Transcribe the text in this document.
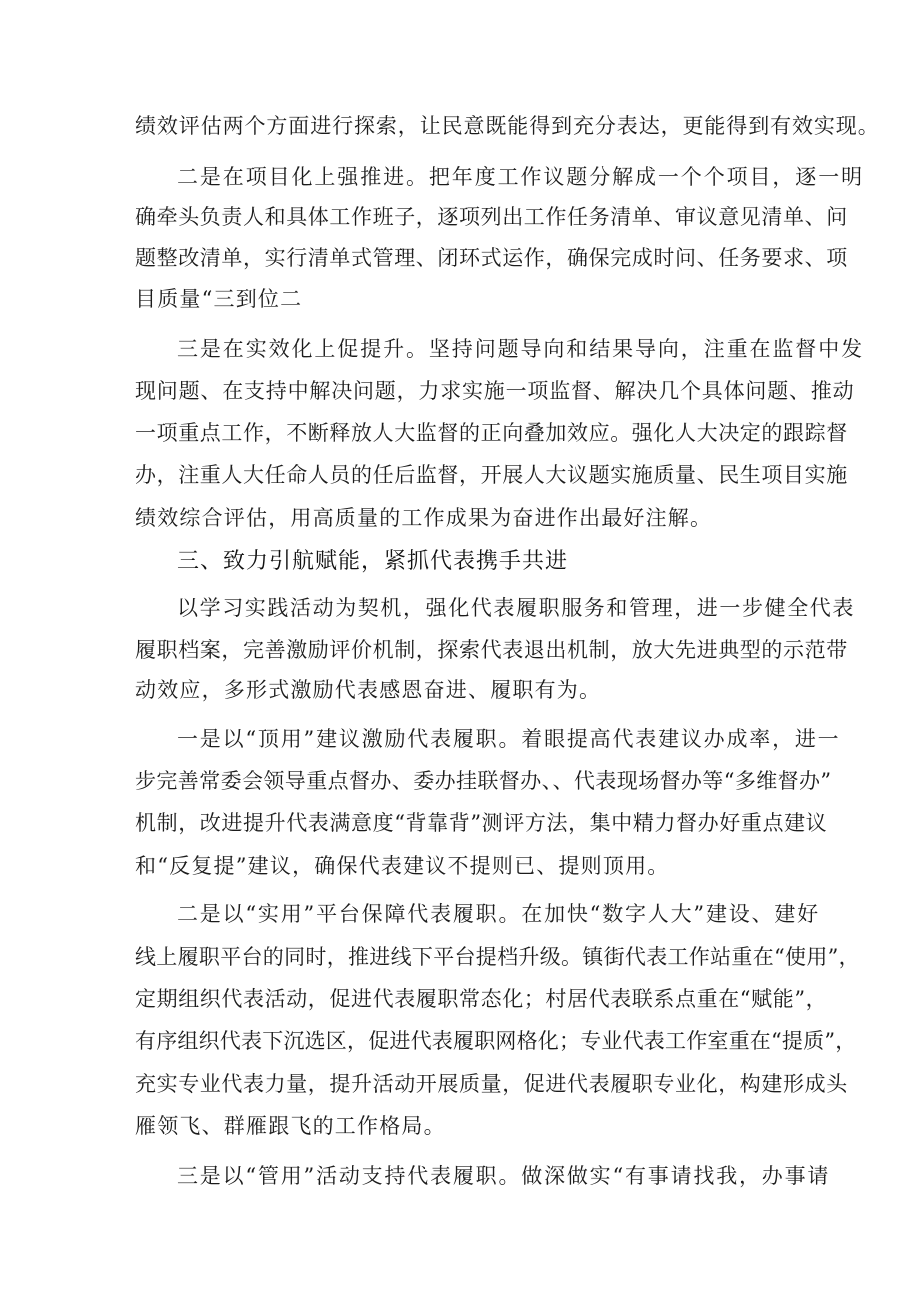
绩效评估两个方面进行探索，让民意既能得到充分表达，更能得到有效实现。
二是在项目化上强推进。把年度工作议题分解成一个个项目，逐一明
确牵头负责人和具体工作班子，逐项列出工作任务清单、审议意见清单、问
题整改清单，实行清单式管理、闭环式运作，确保完成时问、任务要求、项
目质量“三到位二
三是在实效化上促提升。坚持问题导向和结果导向，注重在监督中发
现问题、在支持中解决问题，力求实施一项监督、解决几个具体问题、推动
一项重点工作，不断释放人大监督的正向叠加效应。强化人大决定的跟踪督
办，注重人大任命人员的任后监督，开展人大议题实施质量、民生项目实施
绩效综合评估，用高质量的工作成果为奋进作出最好注解。
三、致力引航赋能，紧抓代表携手共进
以学习实践活动为契机，强化代表履职服务和管理，进一步健全代表
履职档案，完善激励评价机制，探索代表退出机制，放大先进典型的示范带
动效应，多形式激励代表感恩奋进、履职有为。
一是以“顶用”建议激励代表履职。着眼提高代表建议办成率，进一
步完善常委会领导重点督办、委办挂联督办、、代表现场督办等“多维督办”
机制，改进提升代表满意度“背靠背”测评方法，集中精力督办好重点建议
和“反复提”建议，确保代表建议不提则已、提则顶用。
二是以“实用”平台保障代表履职。在加快“数字人大”建设、建好
线上履职平台的同时，推进线下平台提档升级。镇街代表工作站重在“使用”，
定期组织代表活动，促进代表履职常态化；村居代表联系点重在“赋能”，
有序组织代表下沉选区，促进代表履职网格化；专业代表工作室重在“提质”，
充实专业代表力量，提升活动开展质量，促进代表履职专业化，构建形成头
雁领飞、群雁跟飞的工作格局。
三是以“管用”活动支持代表履职。做深做实“有事请找我，办事请
